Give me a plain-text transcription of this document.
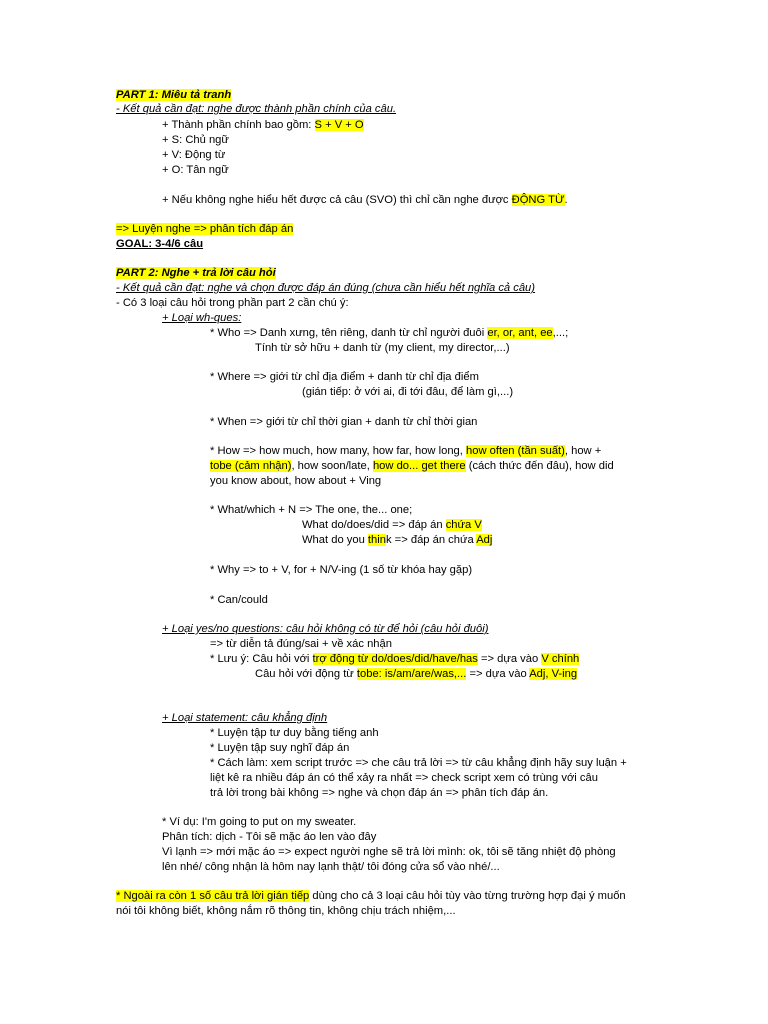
PART 1: Miêu tả tranh
- Kết quả cần đạt: nghe được thành phần chính của câu.
+ Thành phần chính bao gồm: S + V + O
+ S: Chủ ngữ
+ V: Động từ
+ O: Tân ngữ
+ Nếu không nghe hiểu hết được cả câu (SVO) thì chỉ cần nghe được ĐỘNG TỪ.
=> Luyện nghe => phân tích đáp án
GOAL: 3-4/6 câu
PART 2: Nghe + trả lời câu hỏi
- Kết quả cần đạt: nghe và chọn được đáp án đúng (chưa cần hiểu hết nghĩa cả câu)
- Có 3 loại câu hỏi trong phần part 2 cần chú ý:
+ Loại wh-ques:
* Who => Danh xưng, tên riêng, danh từ chỉ người đuôi er, or, ant, ee,...;
Tính từ sở hữu + danh từ (my client, my director,...)
* Where => giới từ chỉ địa điểm + danh từ chỉ địa điểm
(gián tiếp: ở với ai, đi tới đâu, để làm gì,...)
* When => giới từ chỉ thời gian + danh từ chỉ thời gian
* How => how much, how many, how far, how long, how often (tần suất), how +
tobe (cảm nhận), how soon/late, how do... get there (cách thức đến đâu), how did
you know about, how about + Ving
* What/which + N => The one, the... one;
What do/does/did => đáp án chứa V
What do you think => đáp án chứa Adj
* Why => to + V, for + N/V-ing (1 số từ khóa hay gặp)
* Can/could
+ Loại yes/no questions: câu hỏi không có từ để hỏi (câu hỏi đuôi)
=> từ diễn tả đúng/sai + về xác nhận
* Lưu ý: Câu hỏi với trợ động từ do/does/did/have/has => dựa vào V chính
Câu hỏi với động từ tobe: is/am/are/was,... => dựa vào Adj, V-ing
+ Loại statement: câu khẳng định
* Luyện tập tư duy bằng tiếng anh
* Luyện tập suy nghĩ đáp án
* Cách làm: xem script trước => che câu trả lời => từ câu khẳng định hãy suy luận +
liệt kê ra nhiều đáp án có thể xảy ra nhất => check script xem có trùng với câu
trả lời trong bài không => nghe và chọn đáp án => phân tích đáp án.
* Ví dụ: I'm going to put on my sweater.
Phân tích: dịch - Tôi sẽ mặc áo len vào đây
Vì lạnh => mới mặc áo => expect người nghe sẽ trả lời mình: ok, tôi sẽ tăng nhiệt độ phòng
lên nhé/ công nhận là hôm nay lạnh thật/ tôi đóng cửa sổ vào nhé/...
* Ngoài ra còn 1 số câu trả lời gián tiếp dùng cho cả 3 loại câu hỏi tùy vào từng trường hợp đại ý muốn
nói tôi không biết, không nắm rõ thông tin, không chịu trách nhiệm,...
